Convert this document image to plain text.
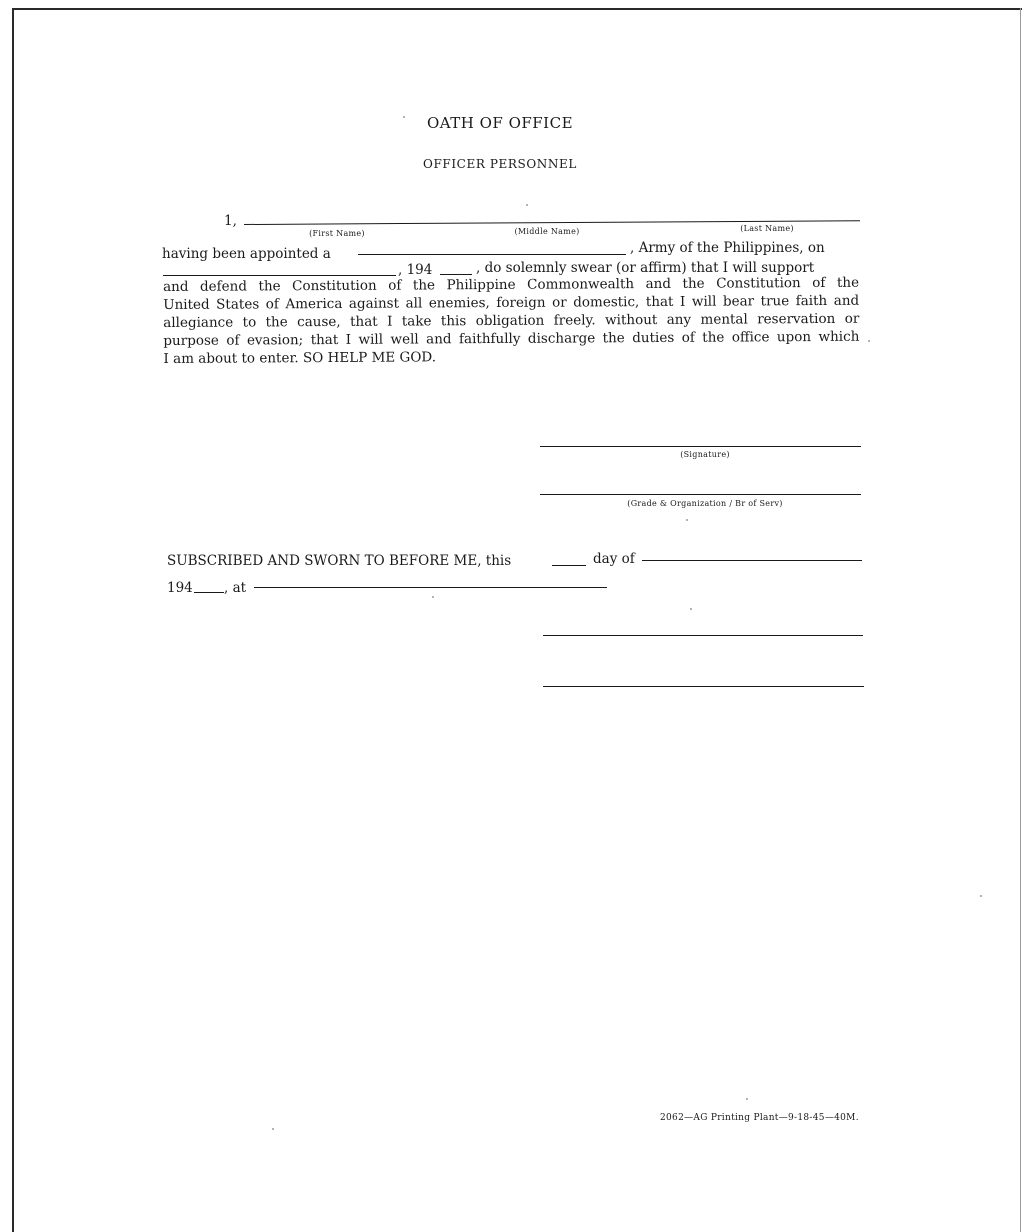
OATH OF OFFICE
OFFICER PERSONNEL
1,
(First Name)	(Middle Name)	(Last Name)
having been appointed a	, Army of the Philippines, on
, 194	, do solemnly swear (or affirm) that I will support
and defend the Constitution of the Philippine Commonwealth and the Constitution of the
United States of America against all enemies, foreign or domestic, that I will bear true faith and
allegiance to the cause, that I take this obligation freely. without any mental reservation or
purpose of evasion; that I will well and faithfully discharge the duties of the office upon which
I am about to enter. SO HELP ME GOD.
(Signature)
(Grade & Organization / Br of Serv)
SUBSCRIBED AND SWORN TO BEFORE ME, this	day of
194 , at
2062—AG Printing Plant—9-18-45—40M.
